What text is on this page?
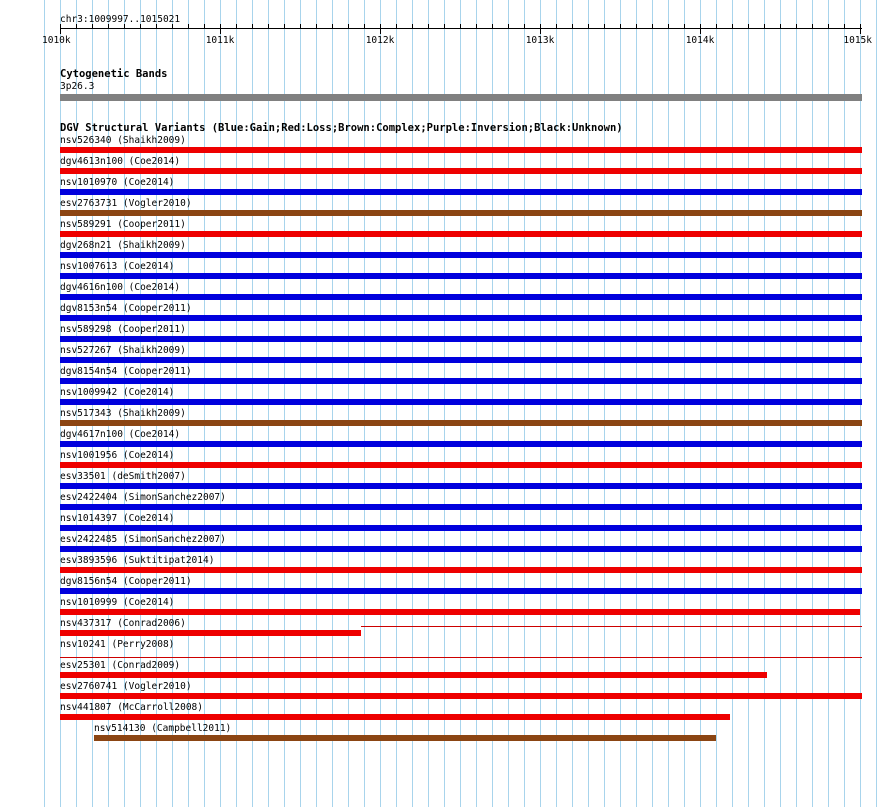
chr3:1009997..1015021
1010k	1011k	1012k	1013k	1014k	1015k
Cytogenetic Bands
3p26.3
DGV Structural Variants (Blue:Gain;Red:Loss;Brown:Complex;Purple:Inversion;Black:Unknown)
nsv526340 (Shaikh2009)
dgv4613n100 (Coe2014)
nsv1010970 (Coe2014)
esv2763731 (Vogler2010)
nsv589291 (Cooper2011)
dgv268n21 (Shaikh2009)
nsv1007613 (Coe2014)
dgv4616n100 (Coe2014)
dgv8153n54 (Cooper2011)
nsv589298 (Cooper2011)
nsv527267 (Shaikh2009)
dgv8154n54 (Cooper2011)
nsv1009942 (Coe2014)
nsv517343 (Shaikh2009)
dgv4617n100 (Coe2014)
nsv1001956 (Coe2014)
esv33501 (deSmith2007)
esv2422404 (SimonSanchez2007)
nsv1014397 (Coe2014)
esv2422485 (SimonSanchez2007)
esv3893596 (Suktitipat2014)
dgv8156n54 (Cooper2011)
nsv1010999 (Coe2014)
nsv437317 (Conrad2006)
nsv10241 (Perry2008)
esv25301 (Conrad2009)
esv2760741 (Vogler2010)
nsv441807 (McCarroll2008)
nsv514130 (Campbell2011)
